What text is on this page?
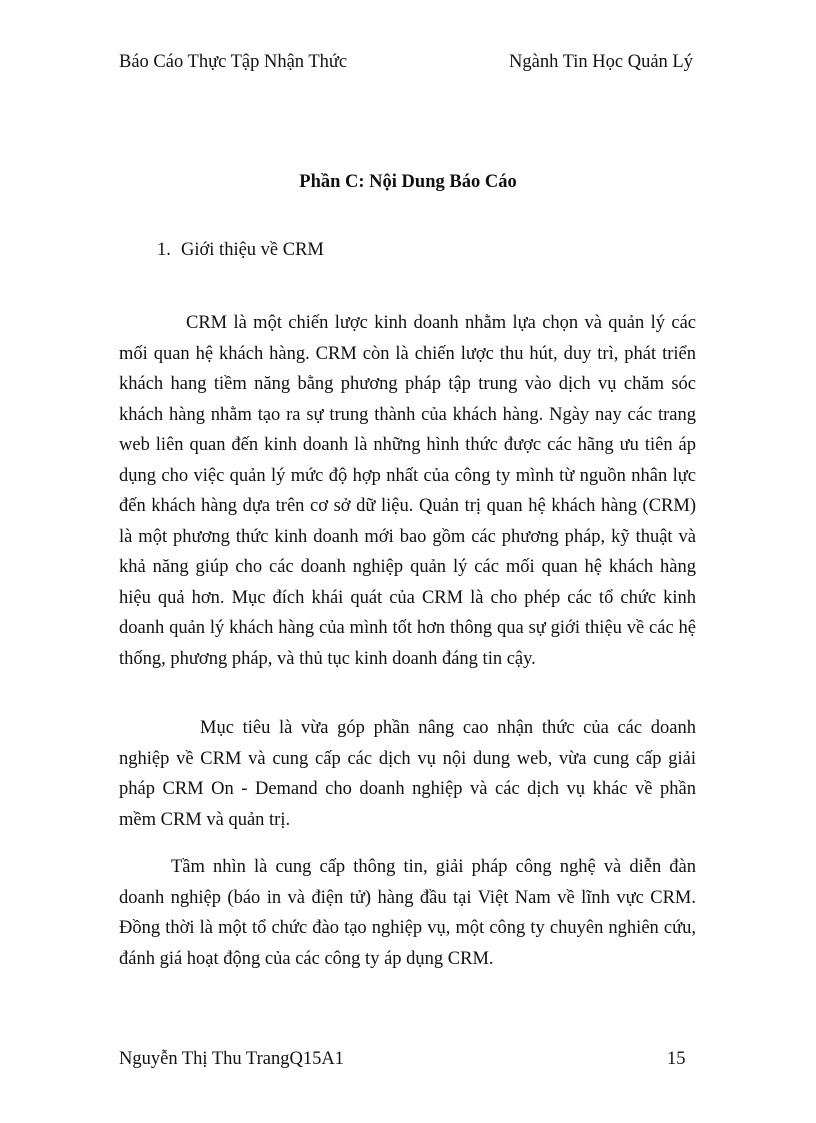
Báo Cáo Thực Tập Nhận Thức	Ngành Tin Học Quản Lý
Phần C: Nội Dung Báo Cáo
1. Giới thiệu về CRM

CRM là một chiến lược kinh doanh nhằm lựa chọn và quản lý các mối quan hệ khách hàng. CRM còn là chiến lược thu hút, duy trì, phát triển khách hang tiềm năng bằng phương pháp tập trung vào dịch vụ chăm sóc khách hàng nhằm tạo ra sự trung thành của khách hàng. Ngày nay các trang web liên quan đến kinh doanh là những hình thức được các hãng ưu tiên áp dụng cho việc quản lý mức độ hợp nhất của công ty mình từ nguồn nhân lực đến khách hàng dựa trên cơ sở dữ liệu. Quản trị quan hệ khách hàng (CRM) là một phương thức kinh doanh mới bao gồm các phương pháp, kỹ thuật và khả năng giúp cho các doanh nghiệp quản lý các mối quan hệ khách hàng hiệu quả hơn. Mục đích khái quát của CRM là cho phép các tổ chức kinh doanh quản lý khách hàng của mình tốt hơn thông qua sự giới thiệu về các hệ thống, phương pháp, và thủ tục kinh doanh đáng tin cậy.

Mục tiêu là vừa góp phần nâng cao nhận thức của các doanh nghiệp về CRM và cung cấp các dịch vụ nội dung web, vừa cung cấp giải pháp CRM On - Demand cho doanh nghiệp và các dịch vụ khác về phần mềm CRM và quản trị.

Tầm nhìn là cung cấp thông tin, giải pháp công nghệ và diễn đàn doanh nghiệp (báo in và điện tử) hàng đầu tại Việt Nam về lĩnh vực CRM. Đồng thời là một tổ chức đào tạo nghiệp vụ, một công ty chuyên nghiên cứu, đánh giá hoạt động của các công ty áp dụng CRM.

Nguyễn Thị Thu TrangQ15A1	15
